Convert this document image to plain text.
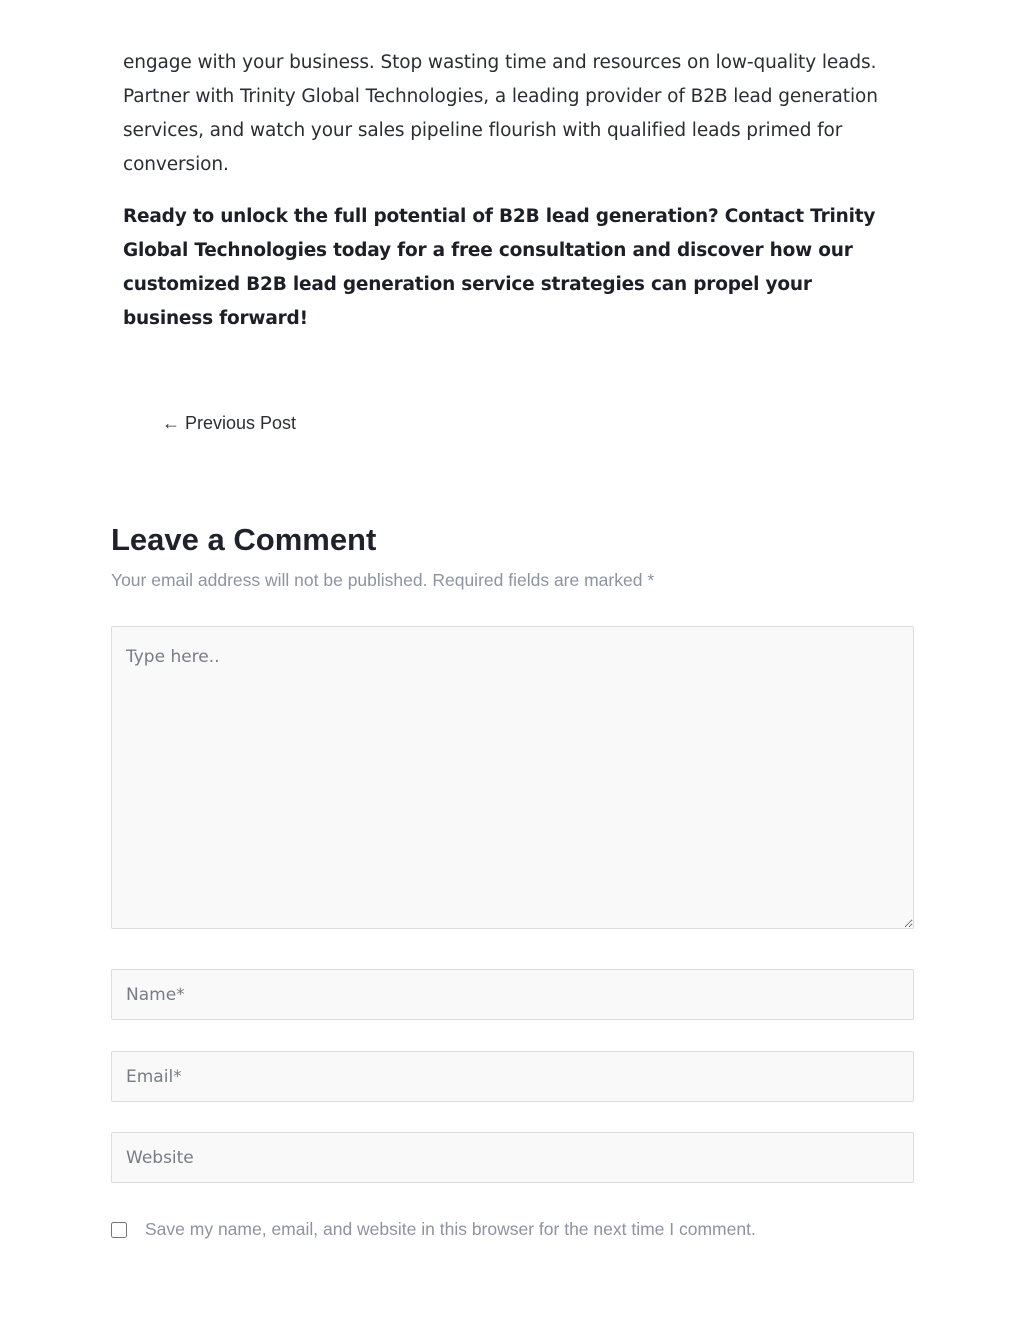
engage with your business. Stop wasting time and resources on low-quality leads. Partner with Trinity Global Technologies, a leading provider of B2B lead generation services, and watch your sales pipeline flourish with qualified leads primed for conversion.

Ready to unlock the full potential of B2B lead generation? Contact Trinity Global Technologies today for a free consultation and discover how our customized B2B lead generation service strategies can propel your business forward!

← Previous Post
Leave a Comment

Your email address will not be published. Required fields are marked *

Type here..
Name*
Email*
Website
Save my name, email, and website in this browser for the next time I comment.
